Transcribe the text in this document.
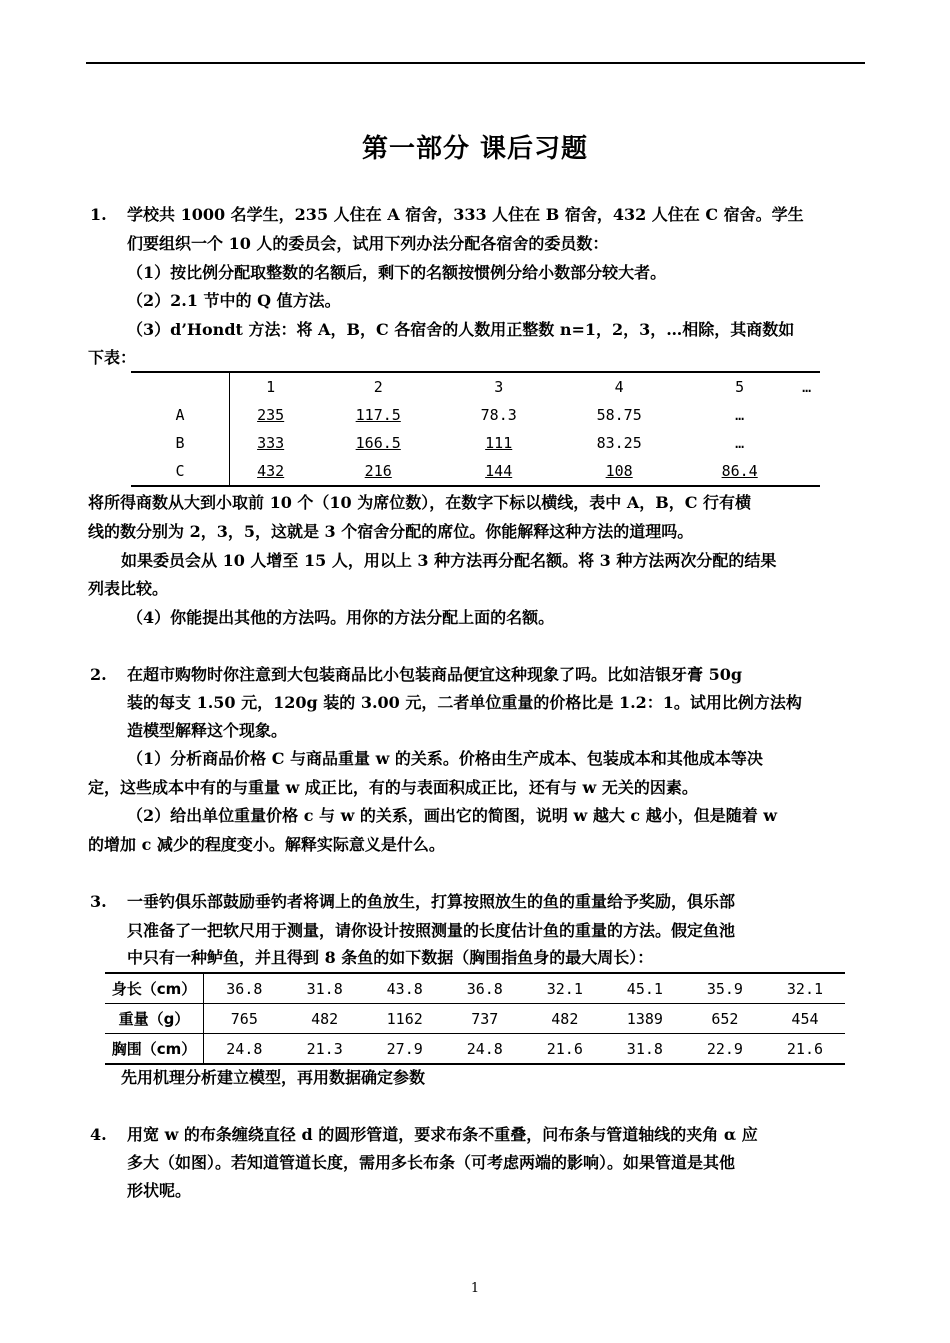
第一部分 课后习题
1. 学校共 1000 名学生，235 人住在 A 宿舍，333 人住在 B 宿舍，432 人住在 C 宿舍。学生
们要组织一个 10 人的委员会，试用下列办法分配各宿舍的委员数：
（1）按比例分配取整数的名额后，剩下的名额按惯例分给小数部分较大者。
（2）2.1 节中的 Q 值方法。
（3）d’Hondt 方法：将 A，B，C 各宿舍的人数用正整数 n=1，2，3，…相除，其商数如
下表：
	1	2	3	4	5	…
A	235	117.5	78.3	58.75	…	
B	333	166.5	111	83.25	…	
C	432	216	144	108	86.4	
将所得商数从大到小取前 10 个（10 为席位数），在数字下标以横线，表中 A，B，C 行有横
线的数分别为 2，3，5，这就是 3 个宿舍分配的席位。你能解释这种方法的道理吗。
如果委员会从 10 人增至 15 人，用以上 3 种方法再分配名额。将 3 种方法两次分配的结果
列表比较。
（4）你能提出其他的方法吗。用你的方法分配上面的名额。
2. 在超市购物时你注意到大包装商品比小包装商品便宜这种现象了吗。比如洁银牙膏 50g
装的每支 1.50 元，120g 装的 3.00 元，二者单位重量的价格比是 1.2：1。试用比例方法构
造模型解释这个现象。
（1）分析商品价格 C 与商品重量 w 的关系。价格由生产成本、包装成本和其他成本等决
定，这些成本中有的与重量 w 成正比，有的与表面积成正比，还有与 w 无关的因素。
（2）给出单位重量价格 c 与 w 的关系，画出它的简图，说明 w 越大 c 越小，但是随着 w
的增加 c 减少的程度变小。解释实际意义是什么。
3. 一垂钓俱乐部鼓励垂钓者将调上的鱼放生，打算按照放生的鱼的重量给予奖励，俱乐部
只准备了一把软尺用于测量，请你设计按照测量的长度估计鱼的重量的方法。假定鱼池
中只有一种鲈鱼，并且得到 8 条鱼的如下数据（胸围指鱼身的最大周长）：
身长（cm）	36.8	31.8	43.8	36.8	32.1	45.1	35.9	32.1
重量（g）	765	482	1162	737	482	1389	652	454
胸围（cm）	24.8	21.3	27.9	24.8	21.6	31.8	22.9	21.6
先用机理分析建立模型，再用数据确定参数
4. 用宽 w 的布条缠绕直径 d 的圆形管道，要求布条不重叠，问布条与管道轴线的夹角 α 应
多大（如图）。若知道管道长度，需用多长布条（可考虑两端的影响）。如果管道是其他
形状呢。
1
